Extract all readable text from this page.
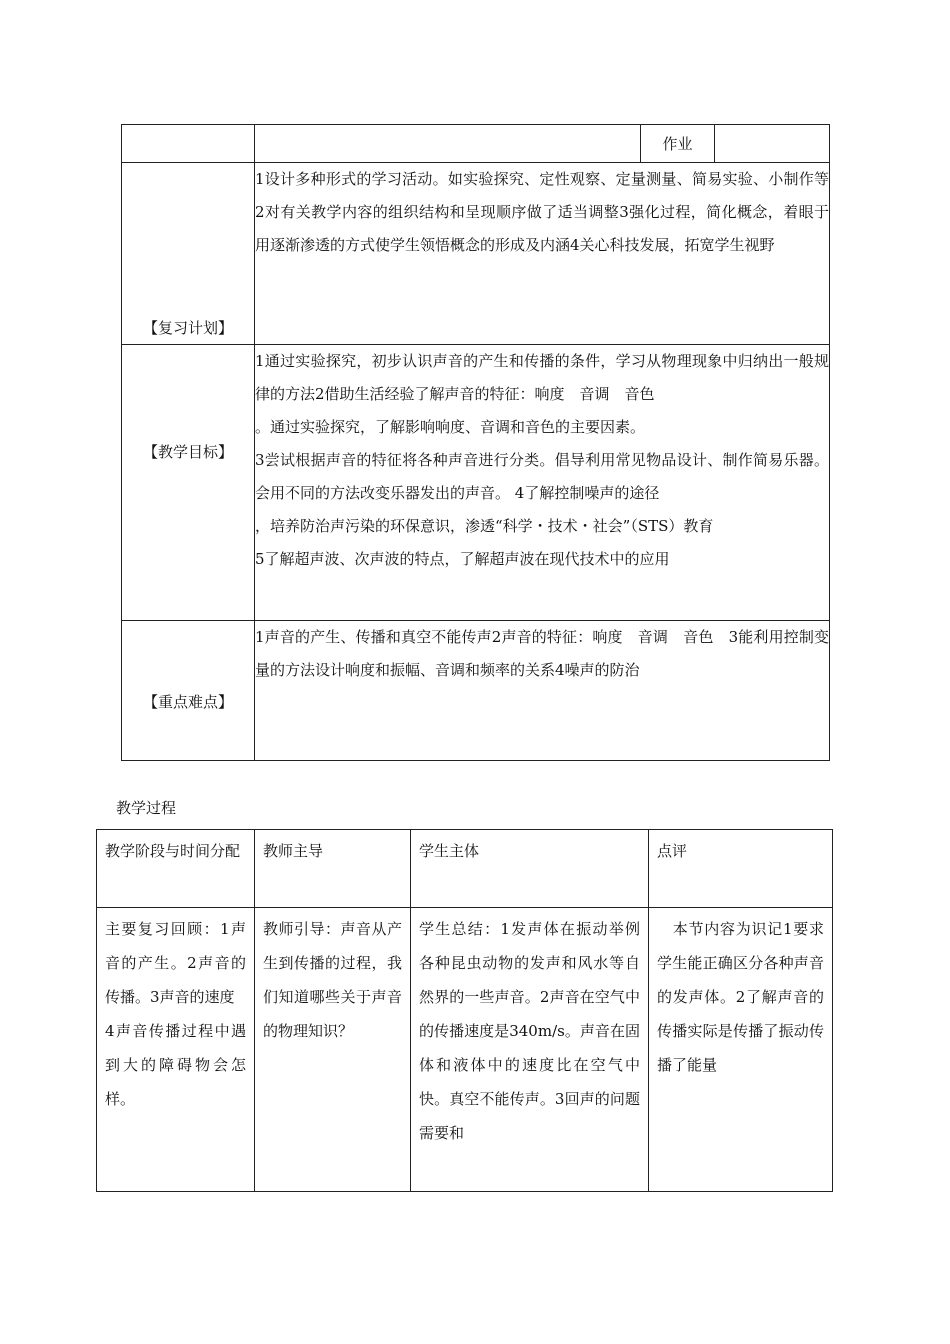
		作业	

【复习计划】	1设计多种形式的学习活动。如实验探究、定性观察、定量测量、简易实验、小制作等2对有关教学内容的组织结构和呈现顺序做了适当调整3强化过程，简化概念，着眼于用逐渐渗透的方式使学生领悟概念的形成及内涵4关心科技发展，拓宽学生视野		
【教学目标】	1通过实验探究，初步认识声音的产生和传播的条件，学习从物理现象中归纳出一般规律的方法2借助生活经验了解声音的特征：响度　音调　音色

。通过实验探究，了解影响响度、音调和音色的主要因素。

3尝试根据声音的特征将各种声音进行分类。倡导利用常见物品设计、制作简易乐器。会用不同的方法改变乐器发出的声音。 4了解控制噪声的途径

，培养防治声污染的环保意识，渗透“科学・技术・社会”（STS）教育

5了解超声波、次声波的特点，了解超声波在现代技术中的应用		

【重点难点】	1声音的产生、传播和真空不能传声2声音的特征：响度　音调　音色　3能利用控制变量的方法设计响度和振幅、音调和频率的关系4噪声的防治		
教学过程
教学阶段与时间分配	教师主导	学生主体	点评

主要复习回顾：1声音的产生。2声音的传播。3声音的速度

4声音传播过程中遇到大的障碍物会怎样。	教师引导：声音从产生到传播的过程，我们知道哪些关于声音的物理知识？	学生总结：1发声体在振动举例 各种昆虫动物的发声和风水等自然界的一些声音。2声音在空气中的传播速度是340m/s。声音在固体和液体中的速度比在空气中快。真空不能传声。3回声的问题需要和	　本节内容为识记1要求学生能正确区分各种声音的发声体。2了解声音的传播实际是传播了振动传播了能量
